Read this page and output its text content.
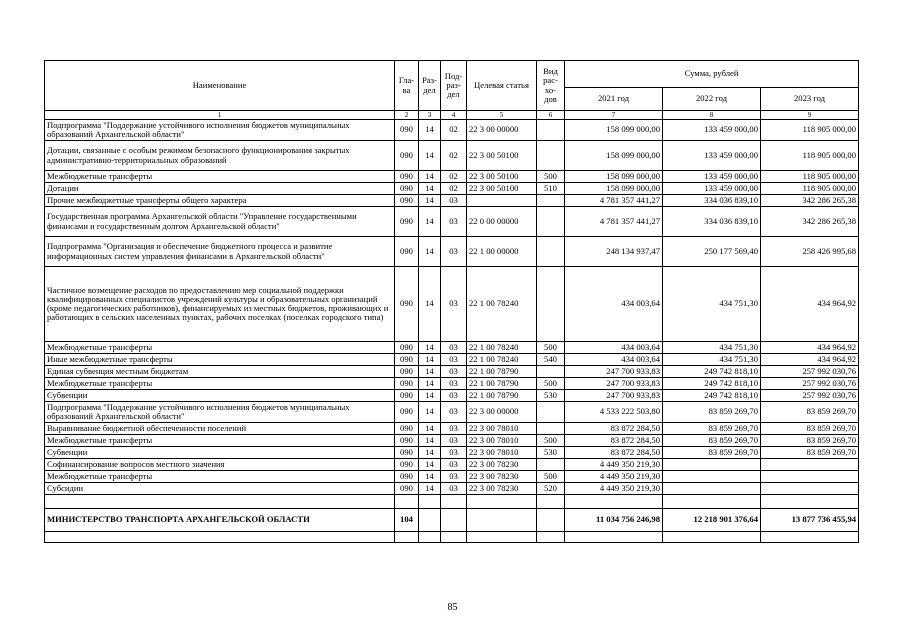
Наименование	Гла-ва	Раз-дел	Под-раз-дел	Целевая статья	Вид рас-хо-дов	Сумма, рублей		
						2021 год	2022 год	2023 год
1	2	3	4	5	6	7	8	9
Подпрограмма "Поддержание устойчивого исполнения бюджетов муниципальных образований Архангельской области"	090	14	02	22 3 00 00000		158 099 000,00	133 459 000,00	118 905 000,00
Дотации, связанные с особым режимом безопасного функционирования закрытых административно-территориальных образований	090	14	02	22 3 00 50100		158 099 000,00	133 459 000,00	118 905 000,00
Межбюджетные трансферты	090	14	02	22 3 00 50100	500	158 099 000,00	133 459 000,00	118 905 000,00
Дотации	090	14	02	22 3 00 50100	510	158 099 000,00	133 459 000,00	118 905 000,00
Прочие межбюджетные трансферты общего характера	090	14	03			4 781 357 441,27	334 036 839,10	342 286 265,38
Государственная программа Архангельской области "Управление государственными финансами и государственным долгом Архангельской области"	090	14	03	22 0 00 00000		4 781 357 441,27	334 036 839,10	342 286 265,38
Подпрограмма "Организация и обеспечение бюджетного процесса и развитие информационных систем управления финансами в Архангельской области"	090	14	03	22 1 00 00000		248 134 937,47	250 177 569,40	258 426 995,68
Частичное возмещение расходов по предоставлению мер социальной поддержки квалифицированных специалистов учреждений культуры и образовательных организаций (кроме педагогических работников), финансируемых из местных бюджетов, проживающих и работающих в сельских населенных пунктах, рабочих поселках (поселках городского типа)	090	14	03	22 1 00 78240		434 003,64	434 751,30	434 964,92
Межбюджетные трансферты	090	14	03	22 1 00 78240	500	434 003,64	434 751,30	434 964,92
Иные межбюджетные трансферты	090	14	03	22 1 00 78240	540	434 003,64	434 751,30	434 964,92
Единая субвенция местным бюджетам	090	14	03	22 1 00 78790		247 700 933,83	249 742 818,10	257 992 030,76
Межбюджетные трансферты	090	14	03	22 1 00 78790	500	247 700 933,83	249 742 818,10	257 992 030,76
Субвенции	090	14	03	22 1 00 78790	530	247 700 933,83	249 742 818,10	257 992 030,76
Подпрограмма "Поддержание устойчивого исполнения бюджетов муниципальных образований Архангельской области"	090	14	03	22 3 00 00000		4 533 222 503,80	83 859 269,70	83 859 269,70
Выравнивание бюджетной обеспеченности поселений	090	14	03	22 3 00 78010		83 872 284,50	83 859 269,70	83 859 269,70
Межбюджетные трансферты	090	14	03	22 3 00 78010	500	83 872 284,50	83 859 269,70	83 859 269,70
Субвенции	090	14	03	22 3 00 78010	530	83 872 284,50	83 859 269,70	83 859 269,70
Софинансирование вопросов местного значения	090	14	03	22 3 00 78230		4 449 350 219,30		
Межбюджетные трансферты	090	14	03	22 3 00 78230	500	4 449 350 219,30		
Субсидии	090	14	03	22 3 00 78230	520	4 449 350 219,30		

МИНИСТЕРСТВО ТРАНСПОРТА АРХАНГЕЛЬСКОЙ ОБЛАСТИ	104					11 034 756 246,98	12 218 901 376,64	13 877 736 455,94

85
